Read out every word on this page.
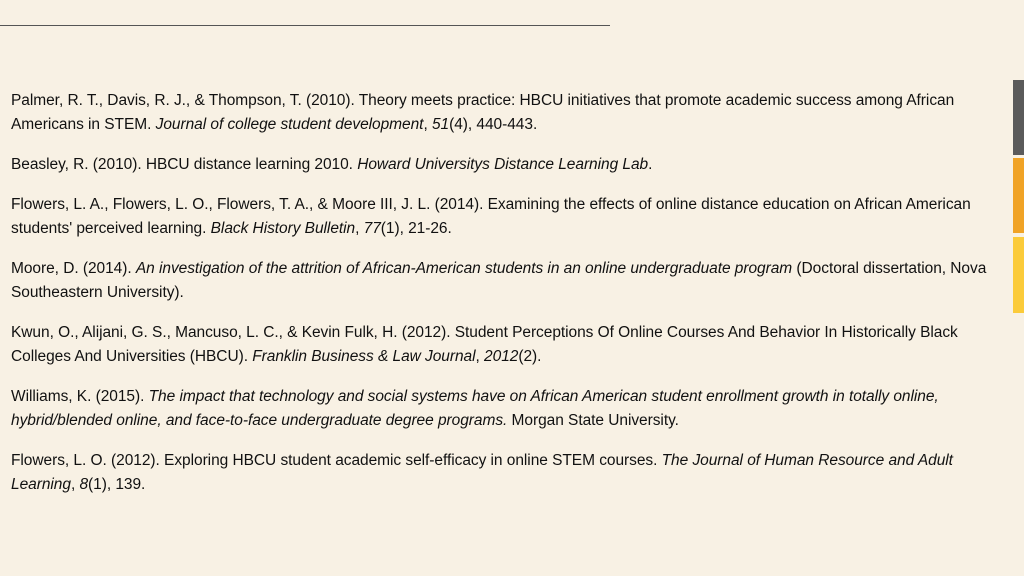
Palmer, R. T., Davis, R. J., & Thompson, T. (2010). Theory meets practice: HBCU initiatives that promote academic success among African Americans in STEM. Journal of college student development, 51(4), 440-443.

Beasley, R. (2010). HBCU distance learning 2010. Howard Universitys Distance Learning Lab.

Flowers, L. A., Flowers, L. O., Flowers, T. A., & Moore III, J. L. (2014). Examining the effects of online distance education on African American students' perceived learning. Black History Bulletin, 77(1), 21-26.

Moore, D. (2014). An investigation of the attrition of African-American students in an online undergraduate program (Doctoral dissertation, Nova Southeastern University).

Kwun, O., Alijani, G. S., Mancuso, L. C., & Kevin Fulk, H. (2012). Student Perceptions Of Online Courses And Behavior In Historically Black Colleges And Universities (HBCU). Franklin Business & Law Journal, 2012(2).

Williams, K. (2015). The impact that technology and social systems have on African American student enrollment growth in totally online, hybrid/blended online, and face-to-face undergraduate degree programs. Morgan State University.

Flowers, L. O. (2012). Exploring HBCU student academic self-efficacy in online STEM courses. The Journal of Human Resource and Adult Learning, 8(1), 139.
